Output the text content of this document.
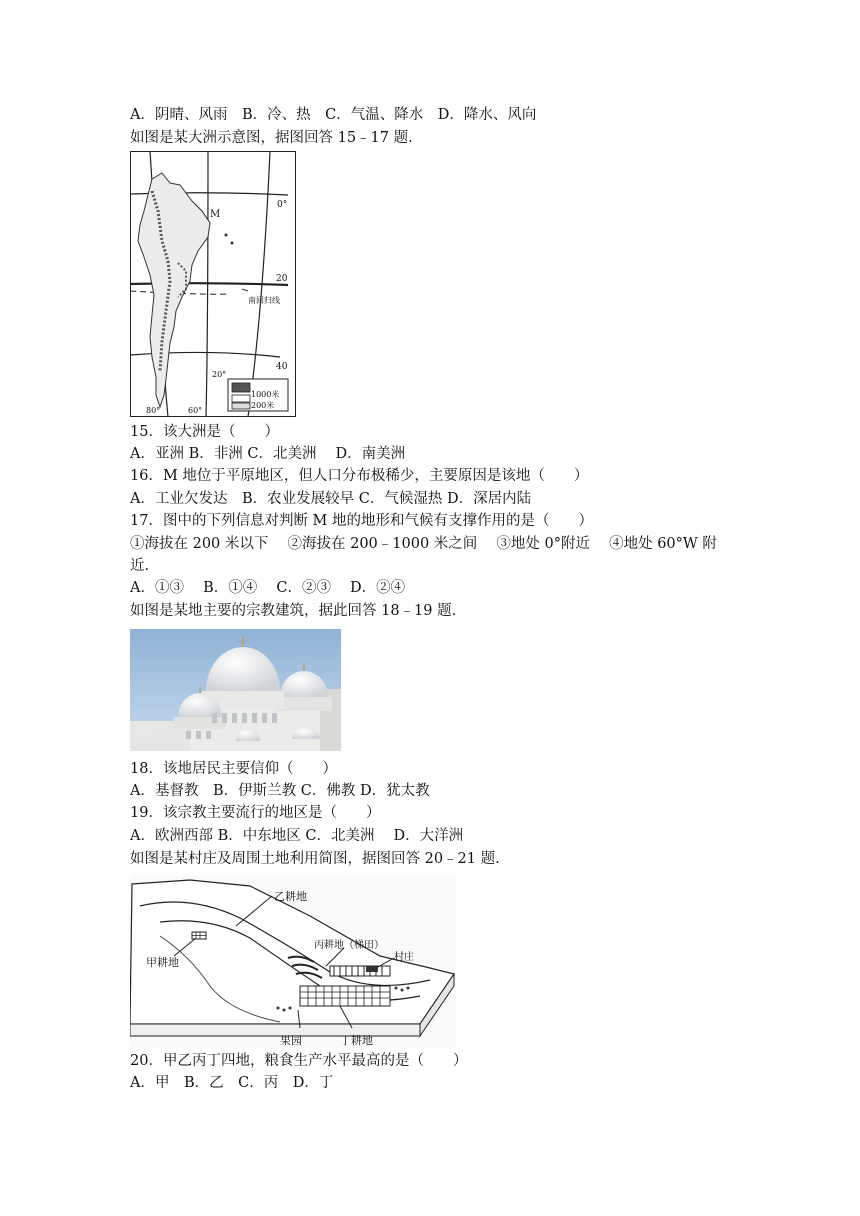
A．阴晴、风雨　B．冷、热　C．气温、降水　D．降水、风向
如图是某大洲示意图，据图回答 15﹣17 题.
M
0°
20
南回归线
40
20°
80°	60°
1000米
200米
15．该大洲是（　　）
A．亚洲 B．非洲 C．北美洲　 D．南美洲
16．M 地位于平原地区，但人口分布极稀少，主要原因是该地（　　）
A．工业欠发达　B．农业发展较早 C．气候湿热 D．深居内陆
17．图中的下列信息对判断 M 地的地形和气候有支撑作用的是（　　）
①海拔在 200 米以下　 ②海拔在 200﹣1000 米之间　 ③地处 0°附近　 ④地处 60°W 附
近.
A．①③　 B．①④　 C．②③　 D．②④
如图是某地主要的宗教建筑，据此回答 18﹣19 题.
18．该地居民主要信仰（　　）
A．基督教　B．伊斯兰教 C．佛教 D．犹太教
19．该宗教主要流行的地区是（　　）
A．欧洲西部 B．中东地区 C．北美洲　 D．大洋洲
如图是某村庄及周围土地利用简图，据图回答 20﹣21 题.
乙耕地
丙耕地（梯田）
村庄
甲耕地
果园	丁耕地
20．甲乙丙丁四地，粮食生产水平最高的是（　　）
A．甲　B．乙　C．丙　D．丁
